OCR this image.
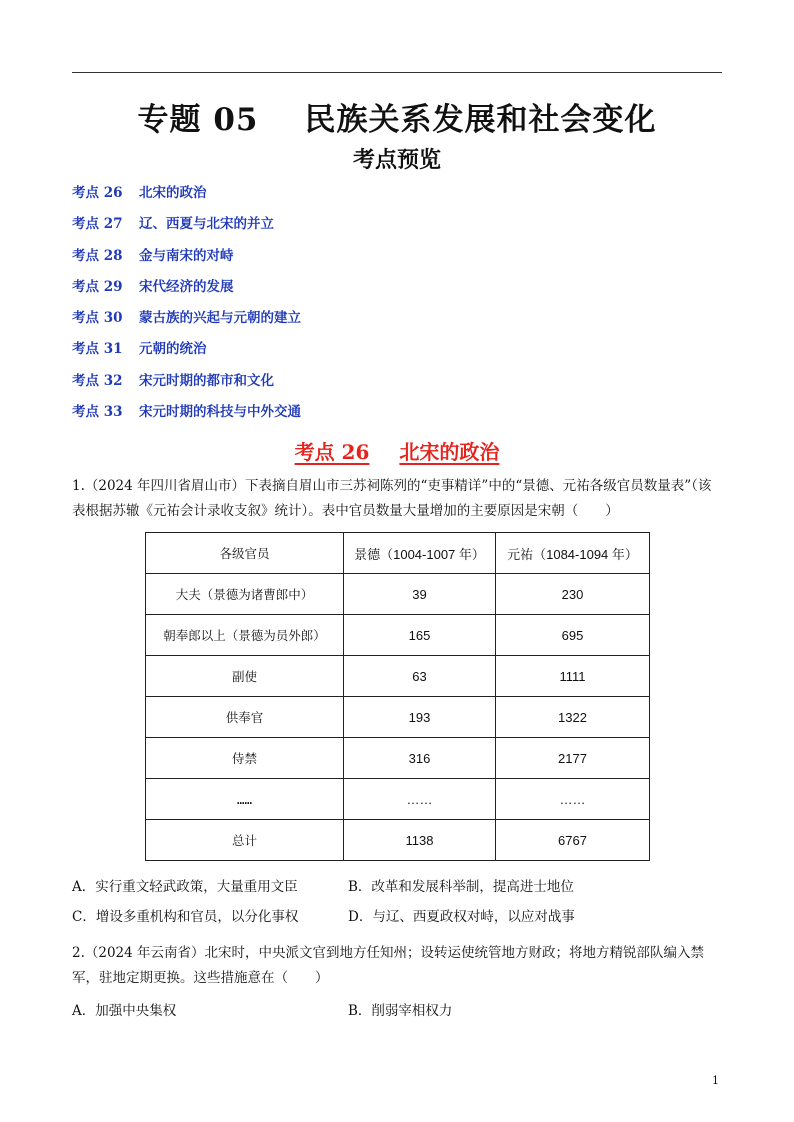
专题 05 民族关系发展和社会变化
考点预览
考点 26 北宋的政治
考点 27 辽、西夏与北宋的并立
考点 28 金与南宋的对峙
考点 29 宋代经济的发展
考点 30 蒙古族的兴起与元朝的建立
考点 31 元朝的统治
考点 32 宋元时期的都市和文化
考点 33 宋元时期的科技与中外交通
考点 26 北宋的政治
1.（2024 年四川省眉山市）下表摘自眉山市三苏祠陈列的“吏事精详”中的“景德、元祐各级官员数量表”（该表根据苏辙《元祐会计录收支叙》统计）。表中官员数量大量增加的主要原因是宋朝（　　）
各级官员	景德（1004-1007 年）	元祐（1084-1094 年）
大夫（景德为诸曹郎中）	39	230
朝奉郎以上（景德为员外郎）	165	695
副使	63	1111
供奉官	193	1322
侍禁	316	2177
……	……	……
总计	1138	6767
A．实行重文轻武政策，大量重用文臣	B．改革和发展科举制，提高进士地位
C．增设多重机构和官员，以分化事权	D．与辽、西夏政权对峙，以应对战事
2.（2024 年云南省）北宋时，中央派文官到地方任知州；设转运使统管地方财政；将地方精锐部队编入禁军，驻地定期更换。这些措施意在（　　）
A．加强中央集权	B．削弱宰相权力
1
